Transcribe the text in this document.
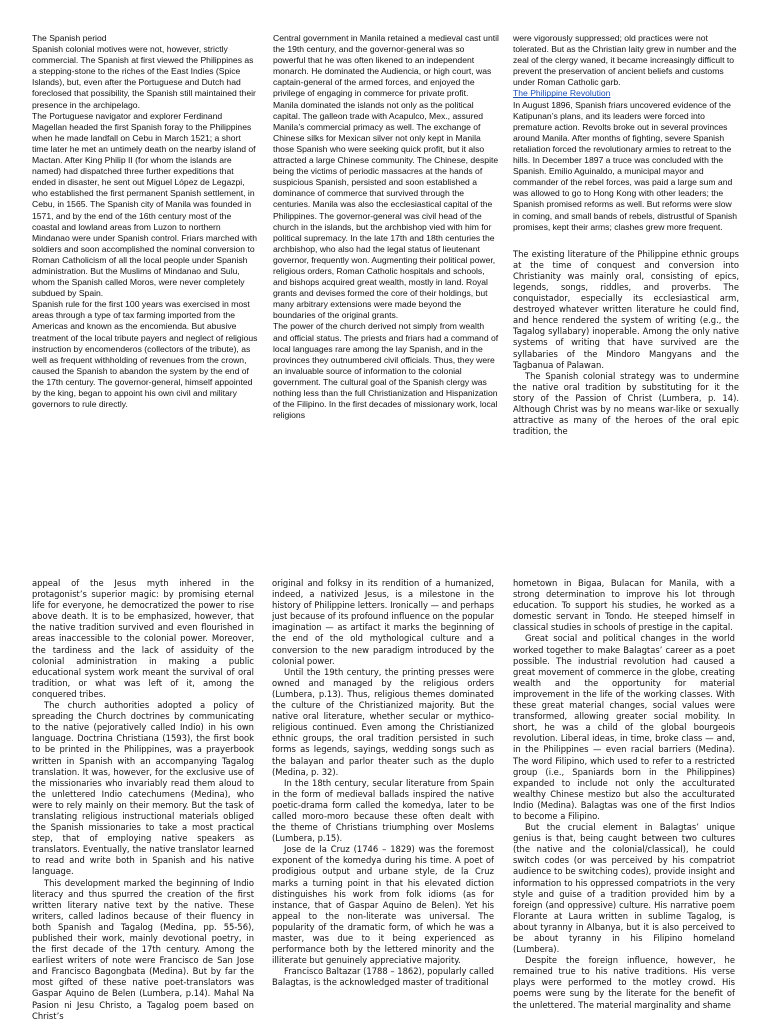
The Spanish period

Spanish colonial motives were not, however, strictly commercial. The Spanish at first viewed the Philippines as a stepping-stone to the riches of the East Indies (Spice Islands), but, even after the Portuguese and Dutch had foreclosed that possibility, the Spanish still maintained their presence in the archipelago.

The Portuguese navigator and explorer Ferdinand Magellan headed the first Spanish foray to the Philippines when he made landfall on Cebu in March 1521; a short time later he met an untimely death on the nearby island of Mactan. After King Philip II (for whom the islands are named) had dispatched three further expeditions that ended in disaster, he sent out Miguel López de Legazpi, who established the first permanent Spanish settlement, in Cebu, in 1565. The Spanish city of Manila was founded in 1571, and by the end of the 16th century most of the coastal and lowland areas from Luzon to northern Mindanao were under Spanish control. Friars marched with soldiers and soon accomplished the nominal conversion to Roman Catholicism of all the local people under Spanish administration. But the Muslims of Mindanao and Sulu, whom the Spanish called Moros, were never completely subdued by Spain.

Spanish rule for the first 100 years was exercised in most areas through a type of tax farming imported from the Americas and known as the encomienda. But abusive treatment of the local tribute payers and neglect of religious instruction by encomenderos (collectors of the tribute), as well as frequent withholding of revenues from the crown, caused the Spanish to abandon the system by the end of the 17th century. The governor-general, himself appointed by the king, began to appoint his own civil and military governors to rule directly.

Central government in Manila retained a medieval cast until the 19th century, and the governor-general was so powerful that he was often likened to an independent monarch. He dominated the Audiencia, or high court, was captain-general of the armed forces, and enjoyed the privilege of engaging in commerce for private profit.

Manila dominated the islands not only as the political capital. The galleon trade with Acapulco, Mex., assured Manila’s commercial primacy as well. The exchange of Chinese silks for Mexican silver not only kept in Manila those Spanish who were seeking quick profit, but it also attracted a large Chinese community. The Chinese, despite being the victims of periodic massacres at the hands of suspicious Spanish, persisted and soon established a dominance of commerce that survived through the centuries. Manila was also the ecclesiastical capital of the Philippines. The governor-general was civil head of the church in the islands, but the archbishop vied with him for political supremacy. In the late 17th and 18th centuries the archbishop, who also had the legal status of lieutenant governor, frequently won. Augmenting their political power, religious orders, Roman Catholic hospitals and schools, and bishops acquired great wealth, mostly in land. Royal grants and devises formed the core of their holdings, but many arbitrary extensions were made beyond the boundaries of the original grants.

The power of the church derived not simply from wealth and official status. The priests and friars had a command of local languages rare among the lay Spanish, and in the provinces they outnumbered civil officials. Thus, they were an invaluable source of information to the colonial government. The cultural goal of the Spanish clergy was nothing less than the full Christianization and Hispanization of the Filipino. In the first decades of missionary work, local religions

were vigorously suppressed; old practices were not tolerated. But as the Christian laity grew in number and the zeal of the clergy waned, it became increasingly difficult to prevent the preservation of ancient beliefs and customs under Roman Catholic garb.

The Philippine Revolution

In August 1896, Spanish friars uncovered evidence of the Katipunan’s plans, and its leaders were forced into premature action. Revolts broke out in several provinces around Manila. After months of fighting, severe Spanish retaliation forced the revolutionary armies to retreat to the hills. In December 1897 a truce was concluded with the Spanish. Emilio Aguinaldo, a municipal mayor and commander of the rebel forces, was paid a large sum and was allowed to go to Hong Kong with other leaders; the Spanish promised reforms as well. But reforms were slow in coming, and small bands of rebels, distrustful of Spanish promises, kept their arms; clashes grew more frequent.

The existing literature of the Philippine ethnic groups at the time of conquest and conversion into Christianity was mainly oral, consisting of epics, legends, songs, riddles, and proverbs. The conquistador, especially its ecclesiastical arm, destroyed whatever written literature he could find, and hence rendered the system of writing (e.g., the Tagalog syllabary) inoperable. Among the only native systems of writing that have survived are the syllabaries of the Mindoro Mangyans and the Tagbanua of Palawan.

The Spanish colonial strategy was to undermine the native oral tradition by substituting for it the story of the Passion of Christ (Lumbera, p. 14). Although Christ was by no means war-like or sexually attractive as many of the heroes of the oral epic tradition, the

appeal of the Jesus myth inhered in the protagonist’s superior magic: by promising eternal life for everyone, he democratized the power to rise above death. It is to be emphasized, however, that the native tradition survived and even flourished in areas inaccessible to the colonial power. Moreover, the tardiness and the lack of assiduity of the colonial administration in making a public educational system work meant the survival of oral tradition, or what was left of it, among the conquered tribes.

The church authorities adopted a policy of spreading the Church doctrines by communicating to the native (pejoratively called Indio) in his own language. Doctrina Christiana (1593), the first book to be printed in the Philippines, was a prayerbook written in Spanish with an accompanying Tagalog translation. It was, however, for the exclusive use of the missionaries who invariably read them aloud to the unlettered Indio catechumens (Medina), who were to rely mainly on their memory. But the task of translating religious instructional materials obliged the Spanish missionaries to take a most practical step, that of employing native speakers as translators. Eventually, the native translator learned to read and write both in Spanish and his native language.

This development marked the beginning of Indio literacy and thus spurred the creation of the first written literary native text by the native. These writers, called ladinos because of their fluency in both Spanish and Tagalog (Medina, pp. 55-56), published their work, mainly devotional poetry, in the first decade of the 17th century. Among the earliest writers of note were Francisco de San Jose and Francisco Bagongbata (Medina). But by far the most gifted of these native poet-translators was Gaspar Aquino de Belen (Lumbera, p.14). Mahal Na Pasion ni Jesu Christo, a Tagalog poem based on Christ’s

original and folksy in its rendition of a humanized, indeed, a nativized Jesus, is a milestone in the history of Philippine letters. Ironically — and perhaps just because of its profound influence on the popular imagination — as artifact it marks the beginning of the end of the old mythological culture and a conversion to the new paradigm introduced by the colonial power.

Until the 19th century, the printing presses were owned and managed by the religious orders (Lumbera, p.13). Thus, religious themes dominated the culture of the Christianized majority. But the native oral literature, whether secular or mythico-religious continued. Even among the Christianized ethnic groups, the oral tradition persisted in such forms as legends, sayings, wedding songs such as the balayan and parlor theater such as the duplo (Medina, p. 32).

In the 18th century, secular literature from Spain in the form of medieval ballads inspired the native poetic-drama form called the komedya, later to be called moro-moro because these often dealt with the theme of Christians triumphing over Moslems (Lumbera, p.15).

Jose de la Cruz (1746 – 1829) was the foremost exponent of the komedya during his time. A poet of prodigious output and urbane style, de la Cruz marks a turning point in that his elevated diction distinguishes his work from folk idioms (as for instance, that of Gaspar Aquino de Belen). Yet his appeal to the non-literate was universal. The popularity of the dramatic form, of which he was a master, was due to it being experienced as performance both by the lettered minority and the illiterate but genuinely appreciative majority.

Francisco Baltazar (1788 – 1862), popularly called Balagtas, is the acknowledged master of traditional

hometown in Bigaa, Bulacan for Manila, with a strong determination to improve his lot through education. To support his studies, he worked as a domestic servant in Tondo. He steeped himself in classical studies in schools of prestige in the capital.

Great social and political changes in the world worked together to make Balagtas’ career as a poet possible. The industrial revolution had caused a great movement of commerce in the globe, creating wealth and the opportunity for material improvement in the life of the working classes. With these great material changes, social values were transformed, allowing greater social mobility. In short, he was a child of the global bourgeois revolution. Liberal ideas, in time, broke class — and, in the Philippines — even racial barriers (Medina). The word Filipino, which used to refer to a restricted group (i.e., Spaniards born in the Philippines) expanded to include not only the acculturated wealthy Chinese mestizo but also the acculturated Indio (Medina). Balagtas was one of the first Indios to become a Filipino.

But the crucial element in Balagtas’ unique genius is that, being caught between two cultures (the native and the colonial/classical), he could switch codes (or was perceived by his compatriot audience to be switching codes), provide insight and information to his oppressed compatriots in the very style and guise of a tradition provided him by a foreign (and oppressive) culture. His narrative poem Florante at Laura written in sublime Tagalog, is about tyranny in Albanya, but it is also perceived to be about tyranny in his Filipino homeland (Lumbera).

Despite the foreign influence, however, he remained true to his native traditions. His verse plays were performed to the motley crowd. His poems were sung by the literate for the benefit of the unlettered. The material marginality and shame
